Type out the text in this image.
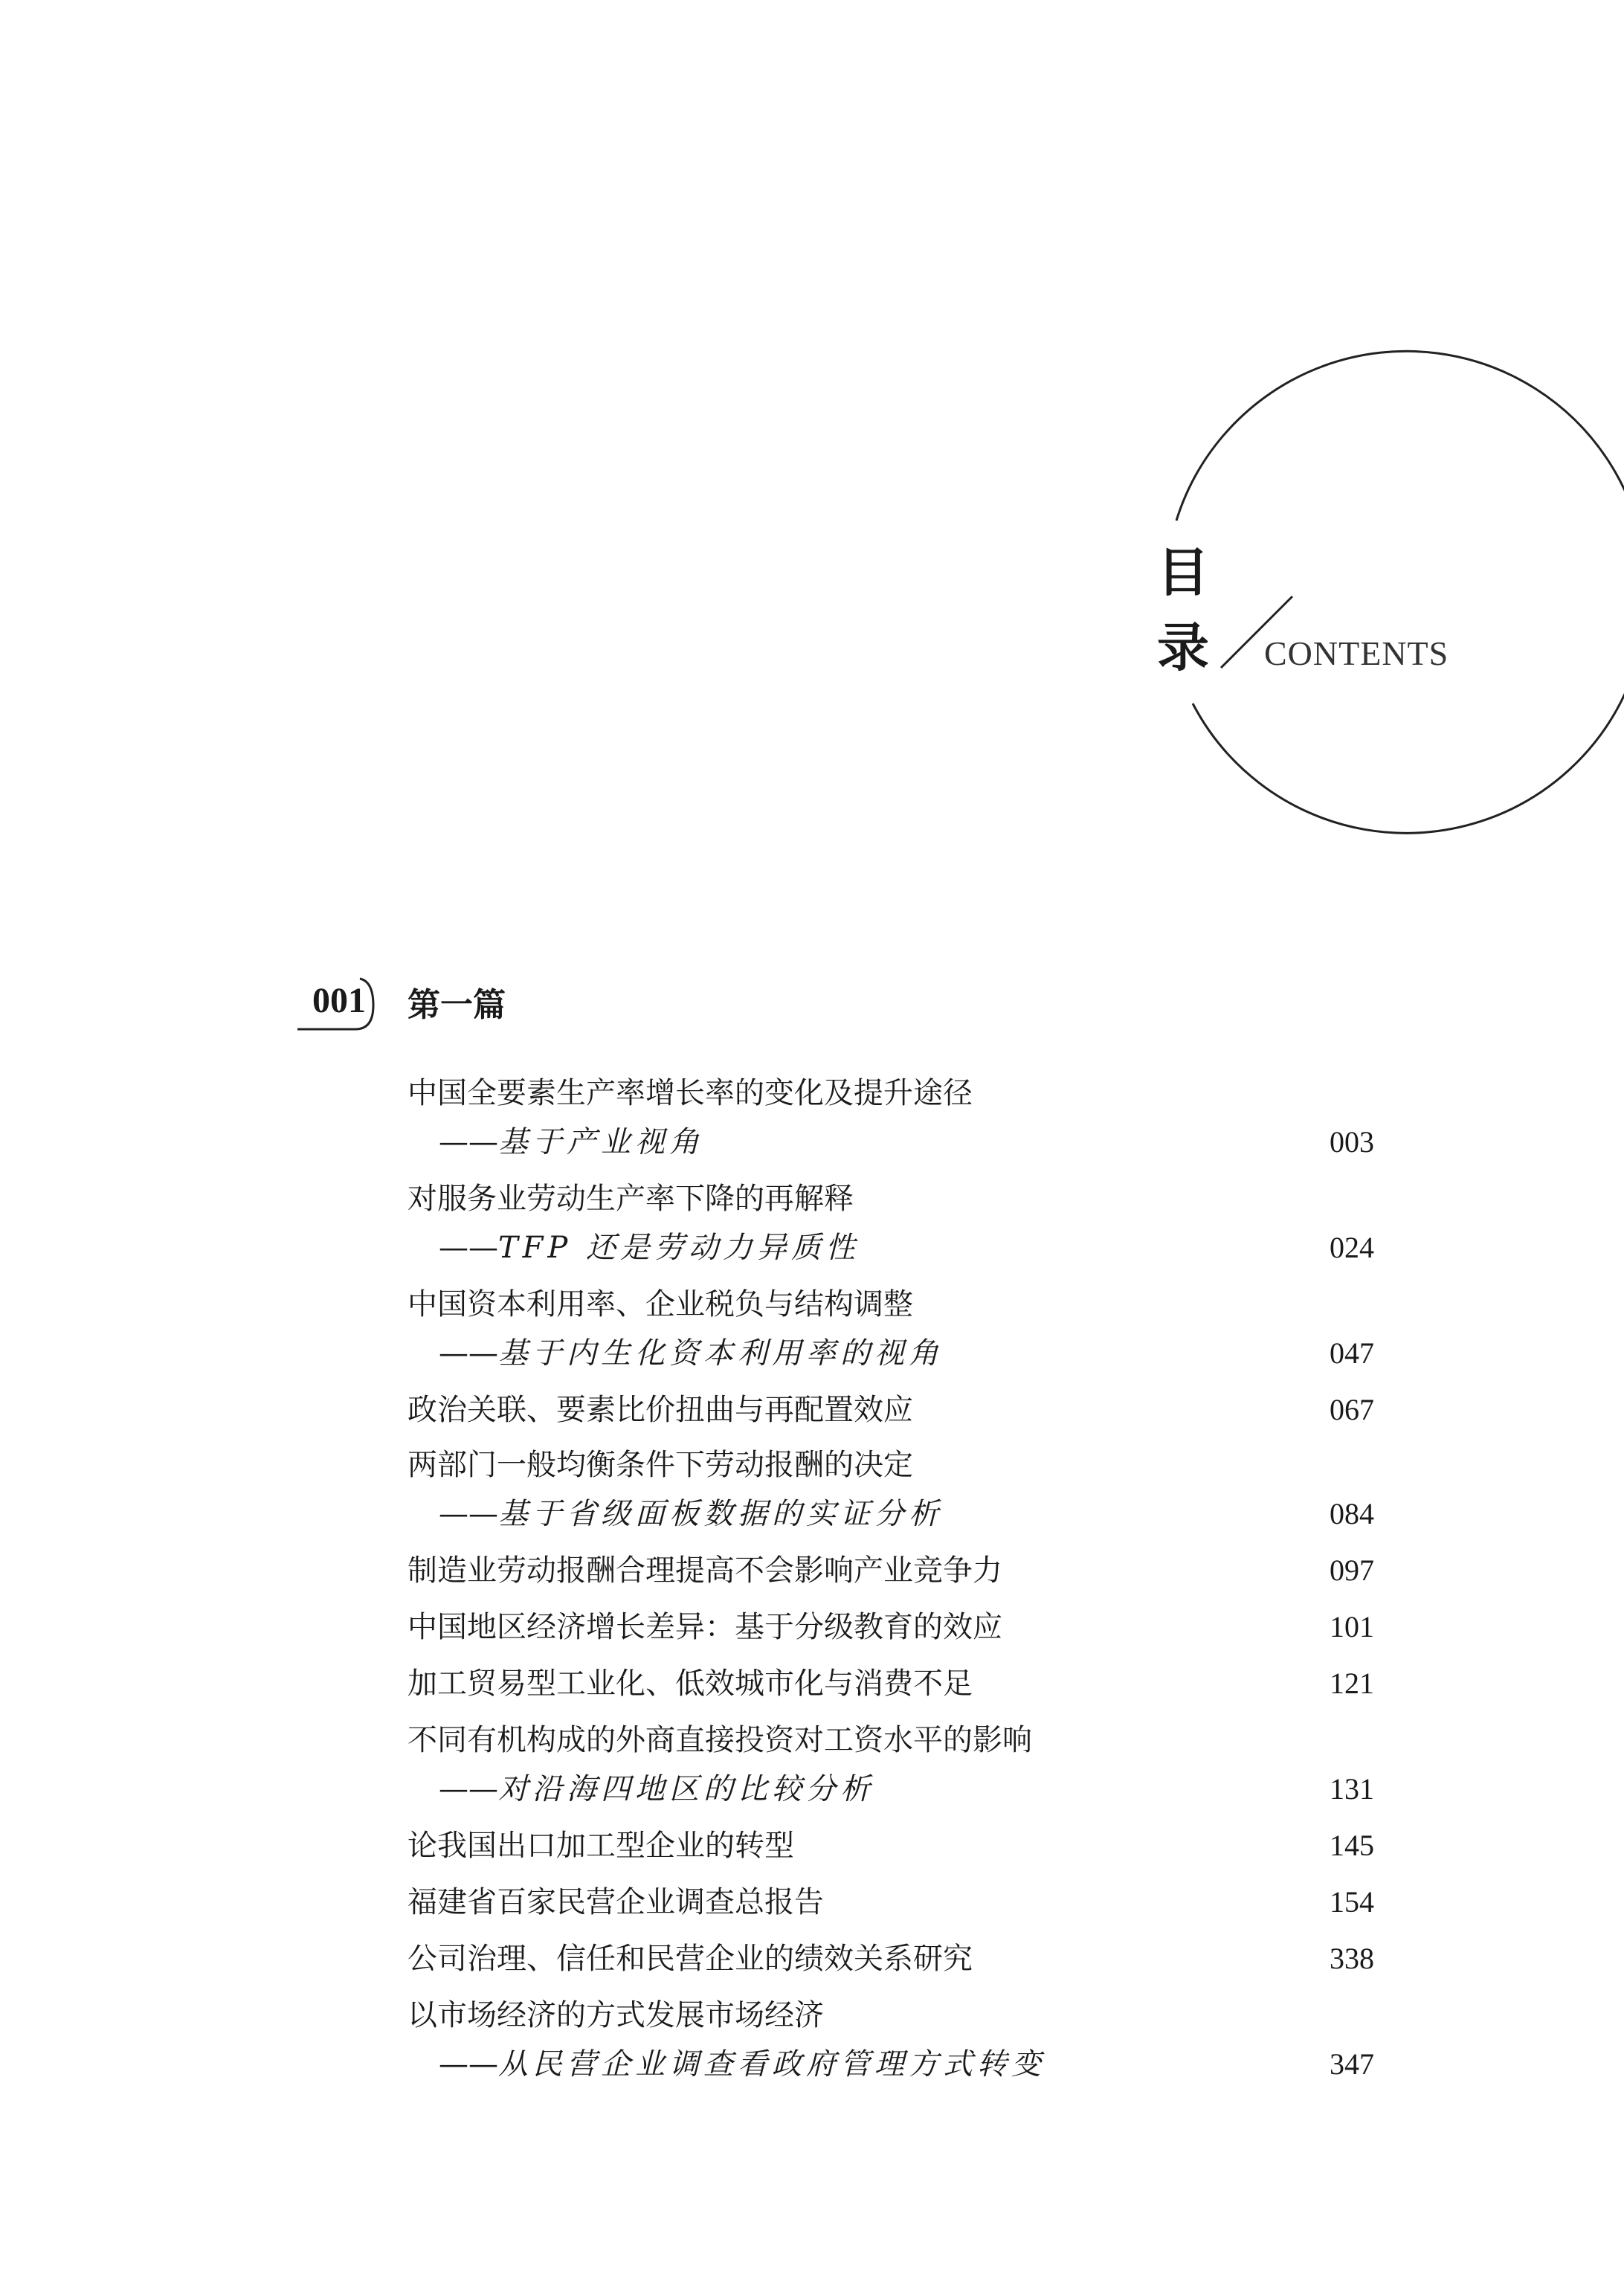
目
录 CONTENTS
001 第一篇
中国全要素生产率增长率的变化及提升途径
——基于产业视角	003
对服务业劳动生产率下降的再解释
——TFP 还是劳动力异质性	024
中国资本利用率、企业税负与结构调整
——基于内生化资本利用率的视角	047
政治关联、要素比价扭曲与再配置效应	067
两部门一般均衡条件下劳动报酬的决定
——基于省级面板数据的实证分析	084
制造业劳动报酬合理提高不会影响产业竞争力	097
中国地区经济增长差异：基于分级教育的效应	101
加工贸易型工业化、低效城市化与消费不足	121
不同有机构成的外商直接投资对工资水平的影响
——对沿海四地区的比较分析	131
论我国出口加工型企业的转型	145
福建省百家民营企业调查总报告	154
公司治理、信任和民营企业的绩效关系研究	338
以市场经济的方式发展市场经济
——从民营企业调查看政府管理方式转变	347
